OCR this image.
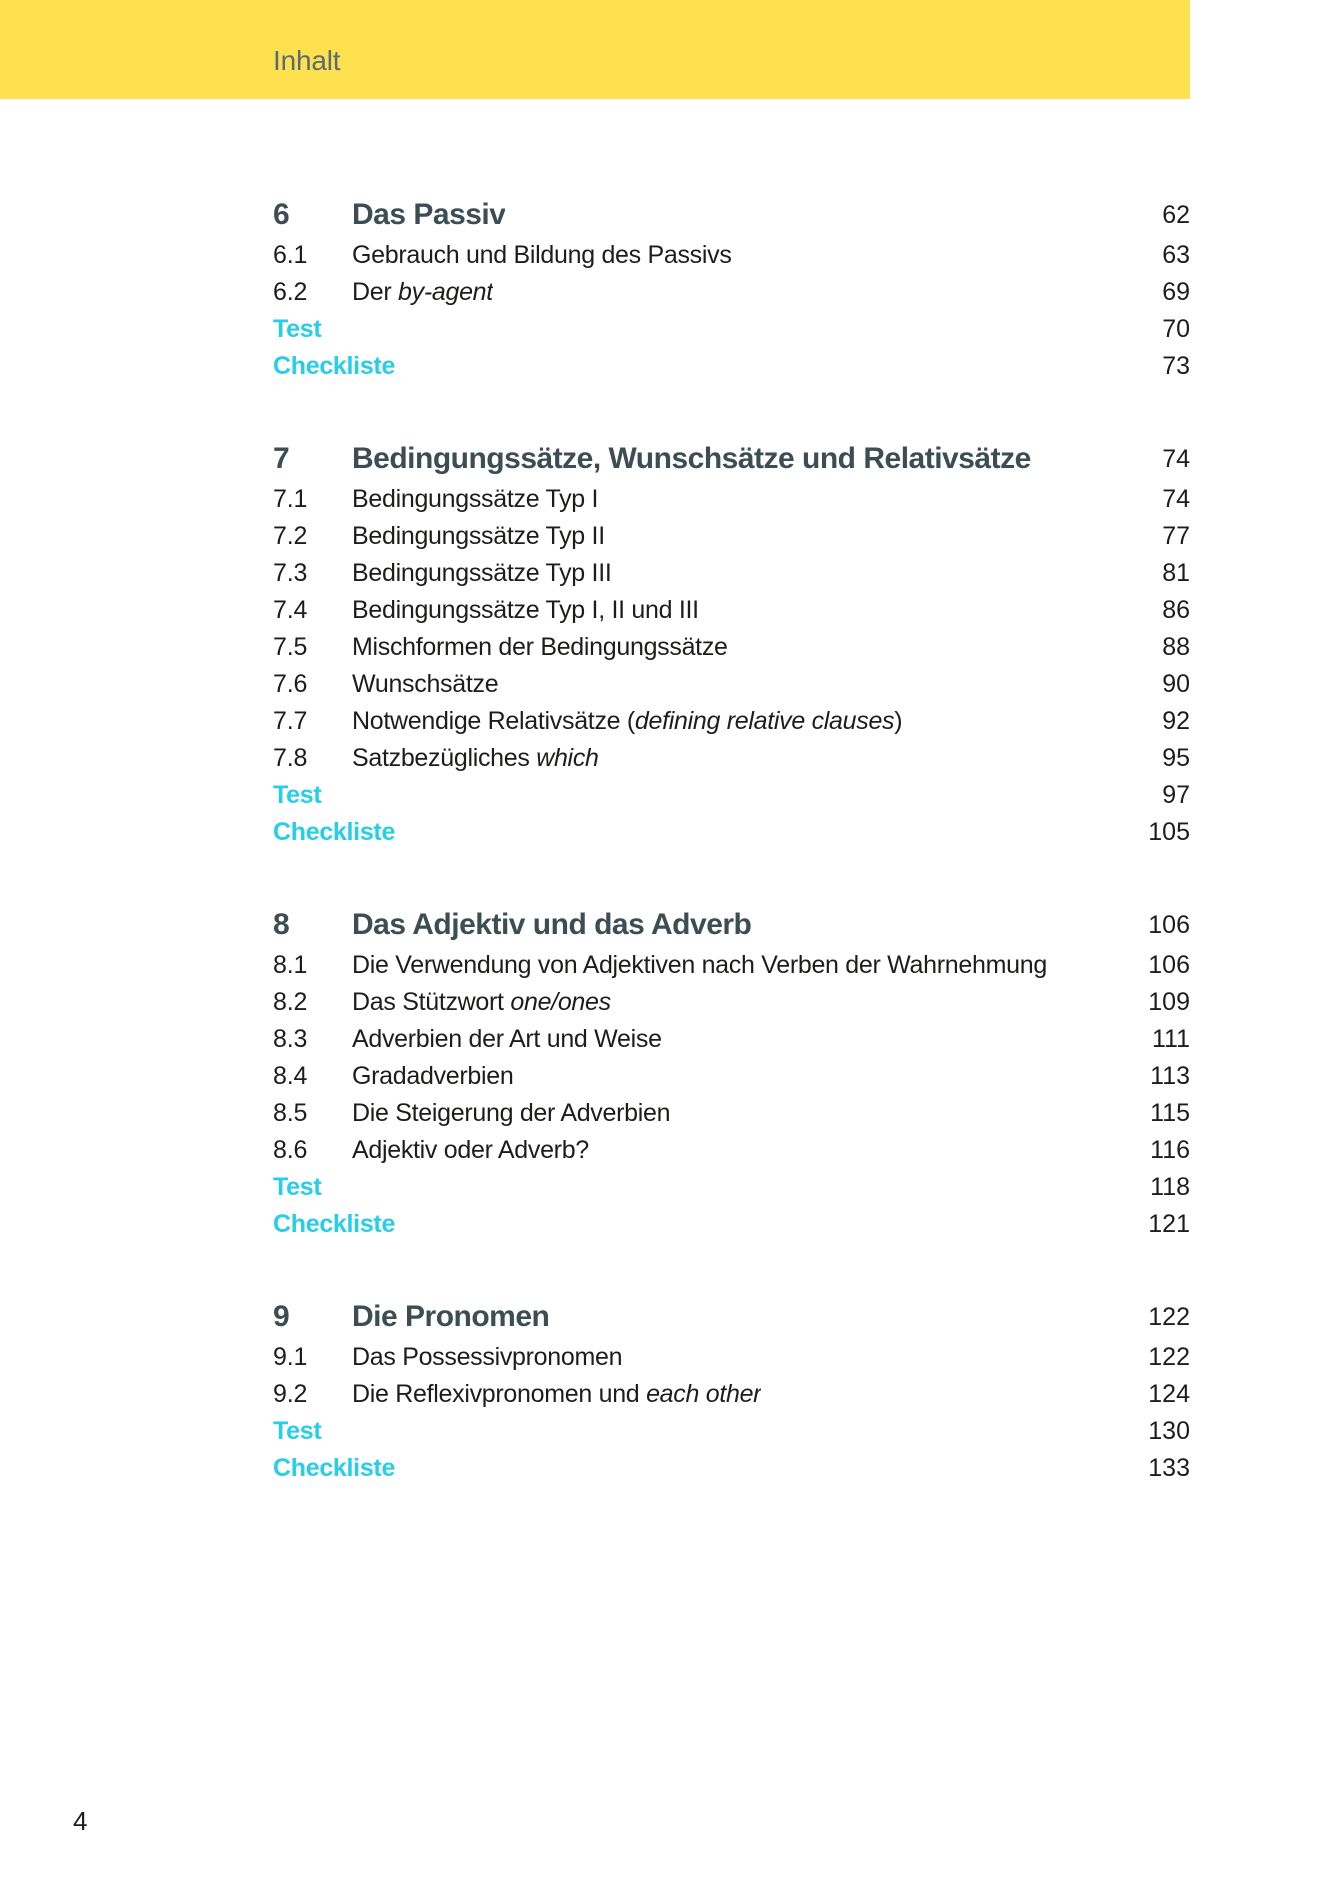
Inhalt
6	Das Passiv	62
6.1	Gebrauch und Bildung des Passivs	63
6.2	Der by-agent	69
Test	70
Checkliste	73
7	Bedingungssätze, Wunschsätze und Relativsätze	74
7.1	Bedingungssätze Typ I	74
7.2	Bedingungssätze Typ II	77
7.3	Bedingungssätze Typ III	81
7.4	Bedingungssätze Typ I, II und III	86
7.5	Mischformen der Bedingungssätze	88
7.6	Wunschsätze	90
7.7	Notwendige Relativsätze (defining relative clauses)	92
7.8	Satzbezügliches which	95
Test	97
Checkliste	105
8	Das Adjektiv und das Adverb	106
8.1	Die Verwendung von Adjektiven nach Verben der Wahrnehmung	106
8.2	Das Stützwort one/ones	109
8.3	Adverbien der Art und Weise	111
8.4	Gradadverbien	113
8.5	Die Steigerung der Adverbien	115
8.6	Adjektiv oder Adverb?	116
Test	118
Checkliste	121
9	Die Pronomen	122
9.1	Das Possessivpronomen	122
9.2	Die Reflexivpronomen und each other	124
Test	130
Checkliste	133
4
